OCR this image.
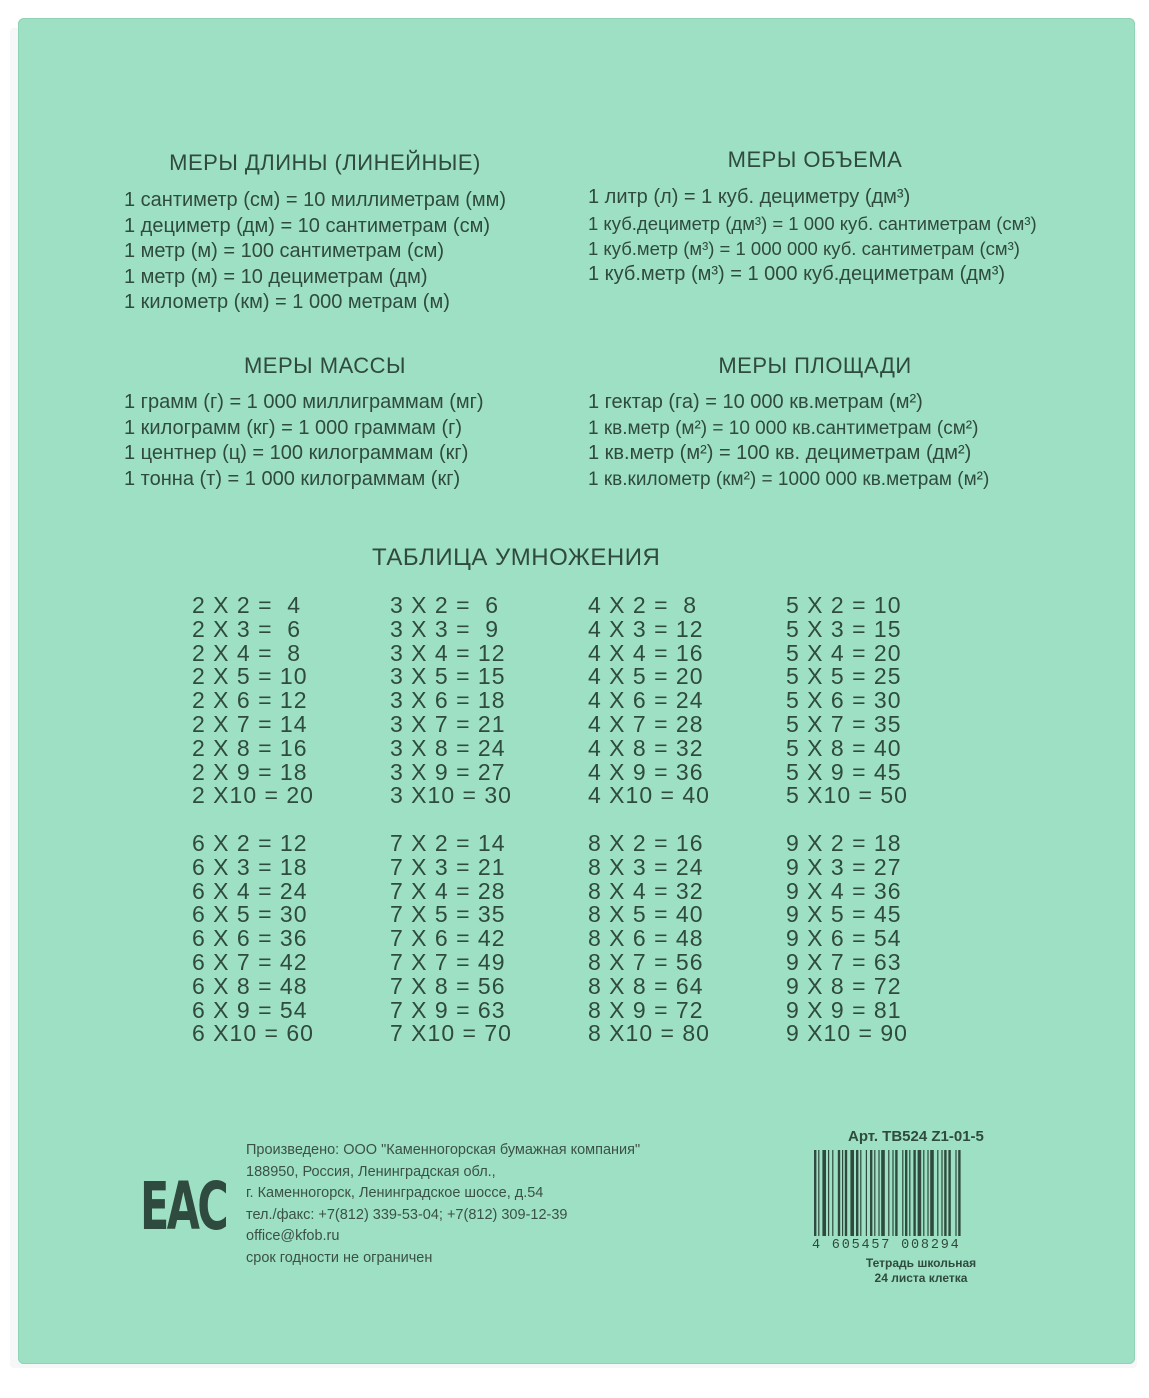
МЕРЫ ДЛИНЫ (ЛИНЕЙНЫЕ)
1 сантиметр (см) = 10 миллиметрам (мм)
1 дециметр (дм) = 10 сантиметрам (см)
1 метр (м) = 100 сантиметрам (см)
1 метр (м) = 10 дециметрам (дм)
1 километр (км) = 1 000 метрам (м)
МЕРЫ ОБЪЕМА
1 литр (л) = 1 куб. дециметру (дм³)
1 куб.дециметр (дм³) = 1 000 куб. сантиметрам (см³)
1 куб.метр (м³) = 1 000 000 куб. сантиметрам (см³)
1 куб.метр (м³) = 1 000 куб.дециметрам (дм³)
МЕРЫ МАССЫ
1 грамм (г) = 1 000 миллиграммам (мг)
1 килограмм (кг) = 1 000 граммам (г)
1 центнер (ц) = 100 килограммам (кг)
1 тонна (т) = 1 000 килограммам (кг)
МЕРЫ ПЛОЩАДИ
1 гектар (га) = 10 000 кв.метрам (м²)
1 кв.метр (м²) = 10 000 кв.сантиметрам (см²)
1 кв.метр (м²) = 100 кв. дециметрам (дм²)
1 кв.километр (км²) = 1000 000 кв.метрам (м²)
ТАБЛИЦА УМНОЖЕНИЯ
2 X 2 =  4
2 X 3 =  6
2 X 4 =  8
2 X 5 = 10
2 X 6 = 12
2 X 7 = 14
2 X 8 = 16
2 X 9 = 18
2 X10 = 20
3 X 2 =  6
3 X 3 =  9
3 X 4 = 12
3 X 5 = 15
3 X 6 = 18
3 X 7 = 21
3 X 8 = 24
3 X 9 = 27
3 X10 = 30
4 X 2 =  8
4 X 3 = 12
4 X 4 = 16
4 X 5 = 20
4 X 6 = 24
4 X 7 = 28
4 X 8 = 32
4 X 9 = 36
4 X10 = 40
5 X 2 = 10
5 X 3 = 15
5 X 4 = 20
5 X 5 = 25
5 X 6 = 30
5 X 7 = 35
5 X 8 = 40
5 X 9 = 45
5 X10 = 50
6 X 2 = 12
6 X 3 = 18
6 X 4 = 24
6 X 5 = 30
6 X 6 = 36
6 X 7 = 42
6 X 8 = 48
6 X 9 = 54
6 X10 = 60
7 X 2 = 14
7 X 3 = 21
7 X 4 = 28
7 X 5 = 35
7 X 6 = 42
7 X 7 = 49
7 X 8 = 56
7 X 9 = 63
7 X10 = 70
8 X 2 = 16
8 X 3 = 24
8 X 4 = 32
8 X 5 = 40
8 X 6 = 48
8 X 7 = 56
8 X 8 = 64
8 X 9 = 72
8 X10 = 80
9 X 2 = 18
9 X 3 = 27
9 X 4 = 36
9 X 5 = 45
9 X 6 = 54
9 X 7 = 63
9 X 8 = 72
9 X 9 = 81
9 X10 = 90
EAC
Произведено: ООО "Каменногорская бумажная компания"
188950, Россия, Ленинградская обл.,
г. Каменногорск, Ленинградское шоссе, д.54
тел./факс: +7(812) 339-53-04; +7(812) 309-12-39
office@kfob.ru
срок годности не ограничен
Арт. ТВ524 Z1-01-5
4 605457 008294
Тетрадь школьная
24 листа клетка
